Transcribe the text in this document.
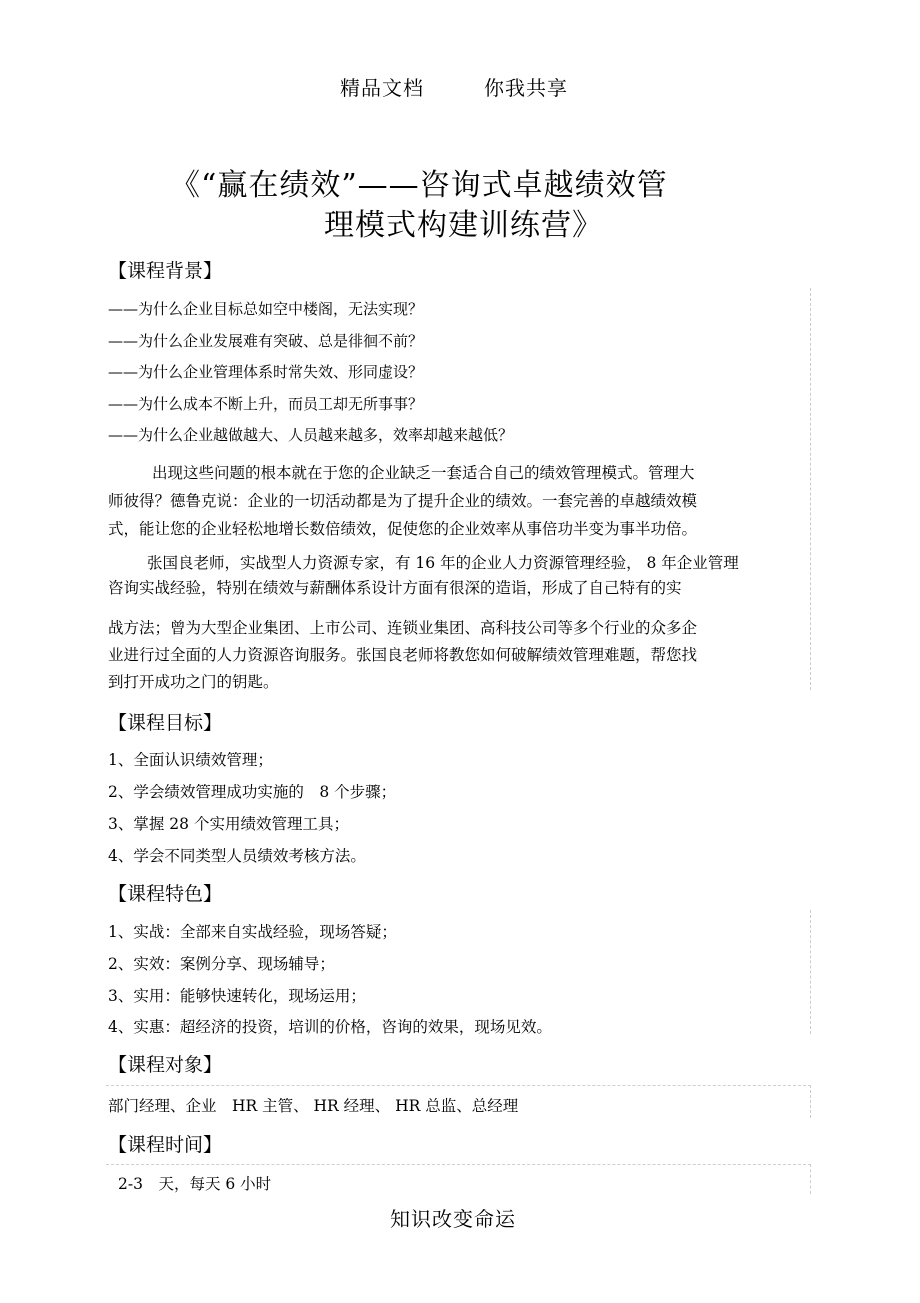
精品文档	你我共享
《“赢在绩效”——咨询式卓越绩效管
理模式构建训练营》
【课程背景】
——为什么企业目标总如空中楼阁，无法实现？
——为什么企业发展难有突破、总是徘徊不前？
——为什么企业管理体系时常失效、形同虚设？
——为什么成本不断上升，而员工却无所事事？
——为什么企业越做越大、人员越来越多，效率却越来越低？
出现这些问题的根本就在于您的企业缺乏一套适合自己的绩效管理模式。管理大
师彼得？德鲁克说：企业的一切活动都是为了提升企业的绩效。一套完善的卓越绩效模
式，能让您的企业轻松地增长数倍绩效，促使您的企业效率从事倍功半变为事半功倍。
张国良老师，实战型人力资源专家，有 16 年的企业人力资源管理经验， 8 年企业管理
咨询实战经验，特别在绩效与薪酬体系设计方面有很深的造诣，形成了自己特有的实
战方法；曾为大型企业集团、上市公司、连锁业集团、高科技公司等多个行业的众多企
业进行过全面的人力资源咨询服务。张国良老师将教您如何破解绩效管理难题，帮您找
到打开成功之门的钥匙。
【课程目标】
1、全面认识绩效管理；
2、学会绩效管理成功实施的　8 个步骤；
3、掌握 28 个实用绩效管理工具；
4、学会不同类型人员绩效考核方法。
【课程特色】
1、实战：全部来自实战经验，现场答疑；
2、实效：案例分享、现场辅导；
3、实用：能够快速转化，现场运用；
4、实惠：超经济的投资，培训的价格，咨询的效果，现场见效。
【课程对象】
部门经理、企业　HR 主管、 HR 经理、 HR 总监、总经理
【课程时间】
2-3　天，每天 6 小时
知识改变命运
